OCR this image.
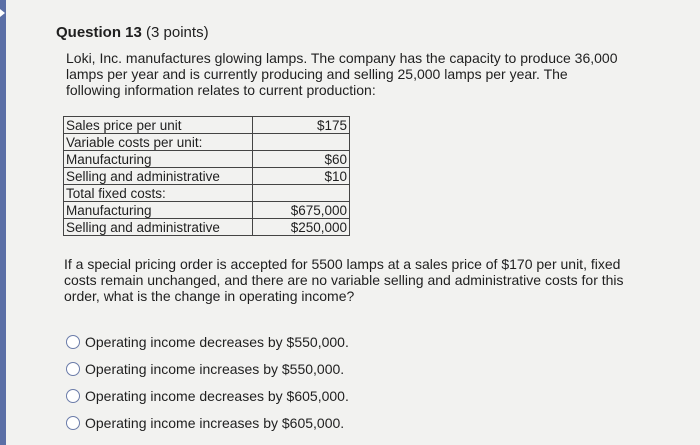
Question 13 (3 points)
Loki, Inc. manufactures glowing lamps. The company has the capacity to produce 36,000 lamps per year and is currently producing and selling 25,000 lamps per year. The following information relates to current production:
Sales price per unit	$175
Variable costs per unit:	
Manufacturing	$60
Selling and administrative	$10
Total fixed costs:	
Manufacturing	$675,000
Selling and administrative	$250,000
If a special pricing order is accepted for 5500 lamps at a sales price of $170 per unit, fixed costs remain unchanged, and there are no variable selling and administrative costs for this order, what is the change in operating income?
Operating income decreases by $550,000.
Operating income increases by $550,000.
Operating income decreases by $605,000.
Operating income increases by $605,000.
